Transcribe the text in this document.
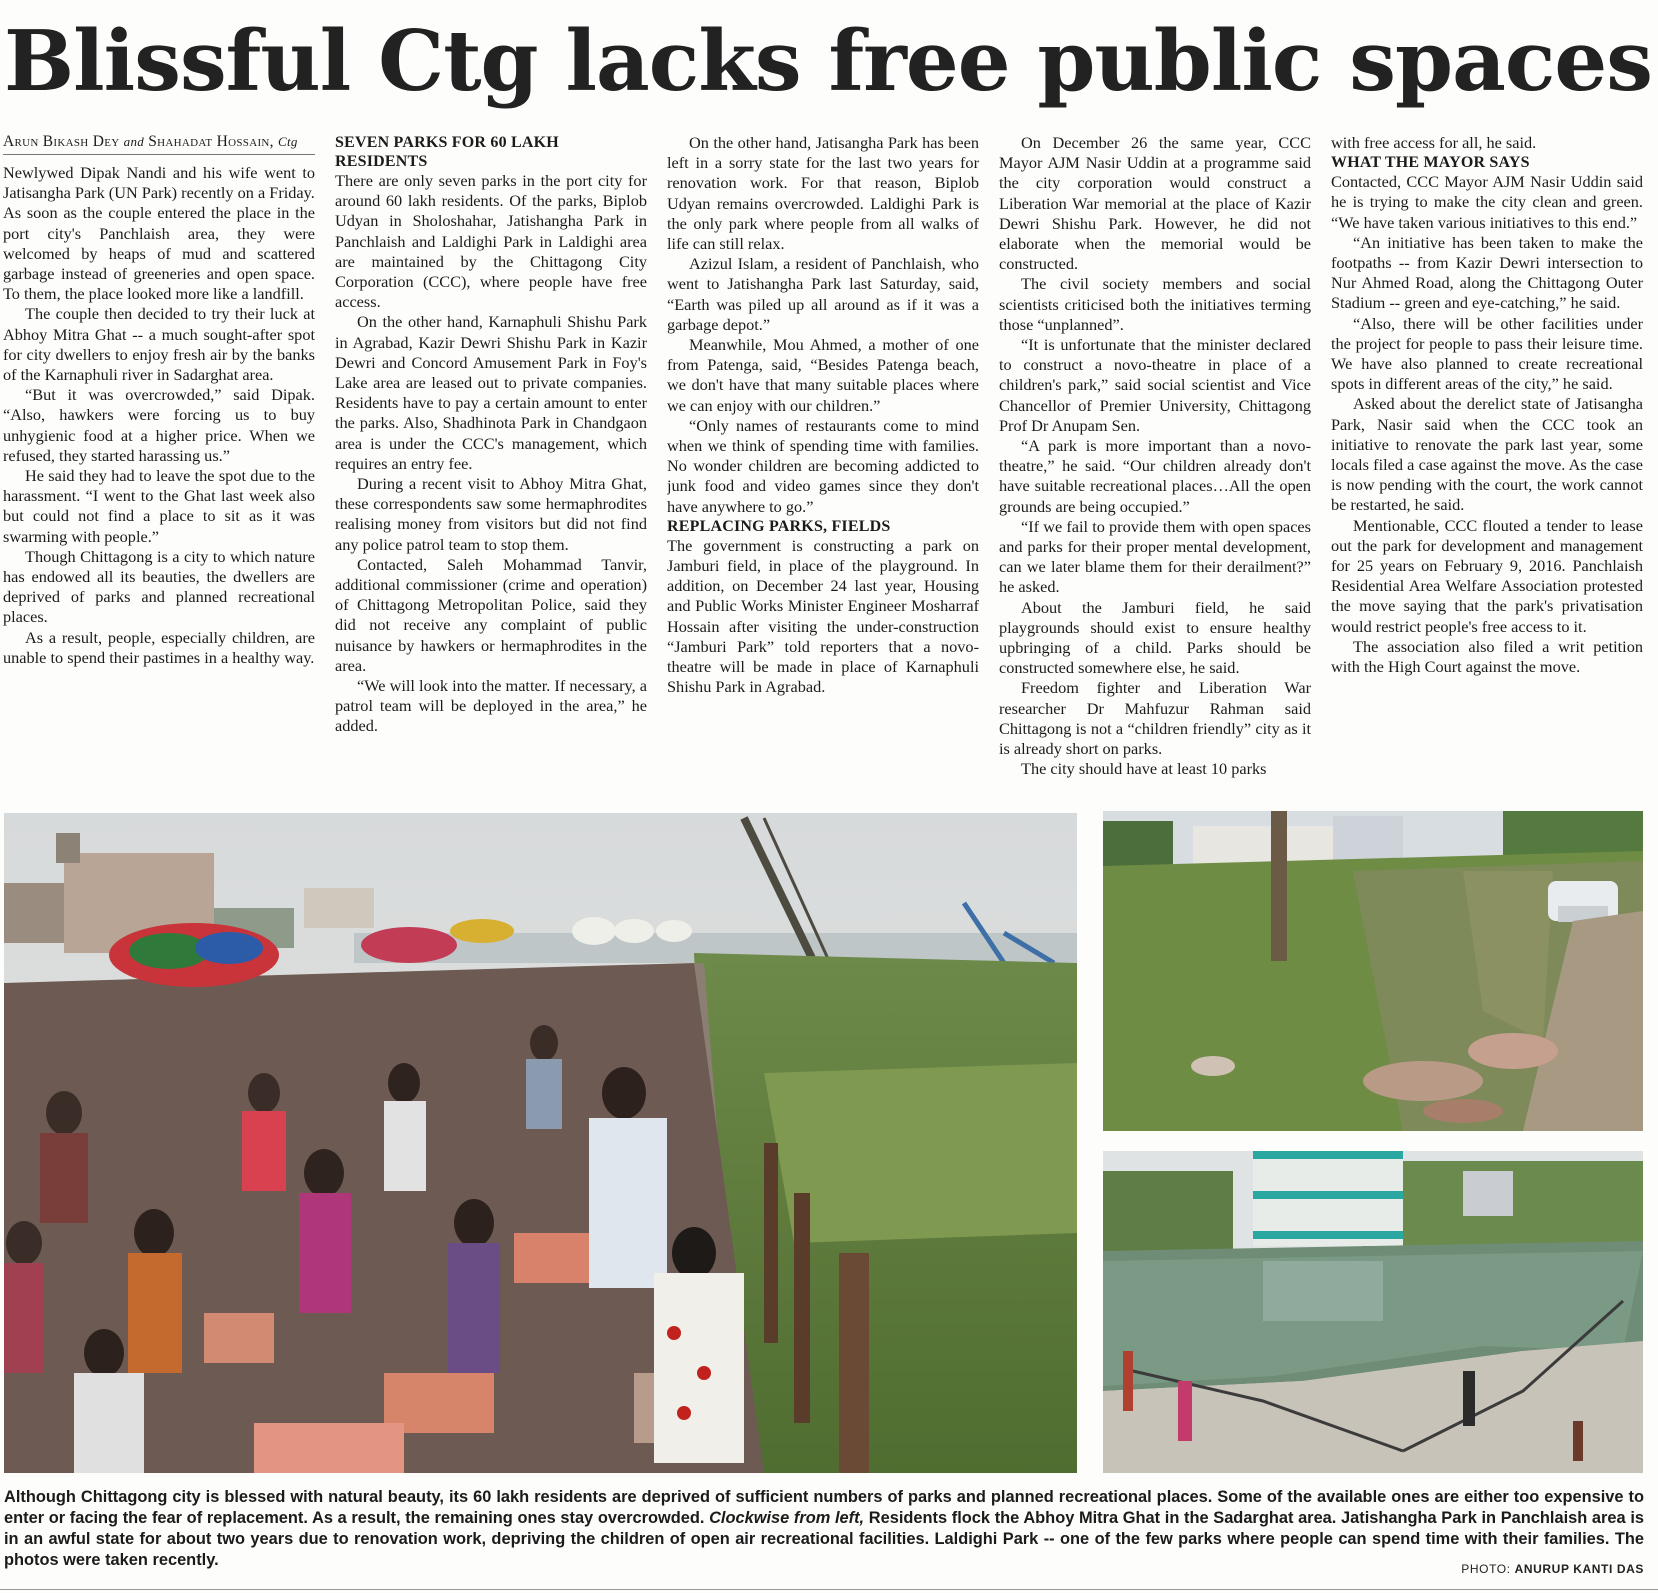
Blissful Ctg lacks free public spaces
Arun Bikash Dey and Shahadat Hossain, Ctg

Newlywed Dipak Nandi and his wife went to Jatisangha Park (UN Park) recently on a Friday.

As soon as the couple entered the place in the port city's Panchlaish area, they were welcomed by heaps of mud and scattered garbage instead of greeneries and open space. To them, the place looked more like a landfill.

The couple then decided to try their luck at Abhoy Mitra Ghat -- a much sought-after spot for city dwellers to enjoy fresh air by the banks of the Karnaphuli river in Sadarghat area.

“But it was overcrowded,” said Dipak. “Also, hawkers were forcing us to buy unhygienic food at a higher price. When we refused, they started harassing us.”

He said they had to leave the spot due to the harassment. “I went to the Ghat last week also but could not find a place to sit as it was swarming with people.”

Though Chittagong is a city to which nature has endowed all its beauties, the dwellers are deprived of parks and planned recreational places.

As a result, people, especially children, are unable to spend their pastimes in a healthy way.

SEVEN PARKS FOR 60 LAKH RESIDENTS

There are only seven parks in the port city for around 60 lakh residents. Of the parks, Biplob Udyan in Sholoshahar, Jatishangha Park in Panchlaish and Laldighi Park in Laldighi area are maintained by the Chittagong City Corporation (CCC), where people have free access.

On the other hand, Karnaphuli Shishu Park in Agrabad, Kazir Dewri Shishu Park in Kazir Dewri and Concord Amusement Park in Foy's Lake area are leased out to private companies. Residents have to pay a certain amount to enter the parks. Also, Shadhinota Park in Chandgaon area is under the CCC's management, which requires an entry fee.

During a recent visit to Abhoy Mitra Ghat, these correspondents saw some hermaphrodites realising money from visitors but did not find any police patrol team to stop them.

Contacted, Saleh Mohammad Tanvir, additional commissioner (crime and operation) of Chittagong Metropolitan Police, said they did not receive any complaint of public nuisance by hawkers or hermaphrodites in the area.

“We will look into the matter. If necessary, a patrol team will be deployed in the area,” he added.

On the other hand, Jatisangha Park has been left in a sorry state for the last two years for renovation work. For that reason, Biplob Udyan remains overcrowded. Laldighi Park is the only park where people from all walks of life can still relax.

Azizul Islam, a resident of Panchlaish, who went to Jatishangha Park last Saturday, said, “Earth was piled up all around as if it was a garbage depot.”

Meanwhile, Mou Ahmed, a mother of one from Patenga, said, “Besides Patenga beach, we don't have that many suitable places where we can enjoy with our children.”

“Only names of restaurants come to mind when we think of spending time with families. No wonder children are becoming addicted to junk food and video games since they don't have anywhere to go.”

REPLACING PARKS, FIELDS

The government is constructing a park on Jamburi field, in place of the playground. In addition, on December 24 last year, Housing and Public Works Minister Engineer Mosharraf Hossain after visiting the under-construction “Jamburi Park” told reporters that a novo-theatre will be made in place of Karnaphuli Shishu Park in Agrabad.

On December 26 the same year, CCC Mayor AJM Nasir Uddin at a programme said the city corporation would construct a Liberation War memorial at the place of Kazir Dewri Shishu Park. However, he did not elaborate when the memorial would be constructed.

The civil society members and social scientists criticised both the initiatives terming those “unplanned”.

“It is unfortunate that the minister declared to construct a novo-theatre in place of a children's park,” said social scientist and Vice Chancellor of Premier University, Chittagong Prof Dr Anupam Sen.

“A park is more important than a novo-theatre,” he said. “Our children already don't have suitable recreational places…All the open grounds are being occupied.”

“If we fail to provide them with open spaces and parks for their proper mental development, can we later blame them for their derailment?” he asked.

About the Jamburi field, he said playgrounds should exist to ensure healthy upbringing of a child. Parks should be constructed somewhere else, he said.

Freedom fighter and Liberation War researcher Dr Mahfuzur Rahman said Chittagong is not a “children friendly” city as it is already short on parks.

The city should have at least 10 parks

with free access for all, he said.

WHAT THE MAYOR SAYS

Contacted, CCC Mayor AJM Nasir Uddin said he is trying to make the city clean and green. “We have taken various initiatives to this end.”

“An initiative has been taken to make the footpaths -- from Kazir Dewri intersection to Nur Ahmed Road, along the Chittagong Outer Stadium -- green and eye-catching,” he said.

“Also, there will be other facilities under the project for people to pass their leisure time. We have also planned to create recreational spots in different areas of the city,” he said.

Asked about the derelict state of Jatisangha Park, Nasir said when the CCC took an initiative to renovate the park last year, some locals filed a case against the move. As the case is now pending with the court, the work cannot be restarted, he said.

Mentionable, CCC flouted a tender to lease out the park for development and management for 25 years on February 9, 2016. Panchlaish Residential Area Welfare Association protested the move saying that the park's privatisation would restrict people's free access to it.

The association also filed a writ petition with the High Court against the move.

Although Chittagong city is blessed with natural beauty, its 60 lakh residents are deprived of sufficient numbers of parks and planned recreational places. Some of the available ones are either too expensive to enter or facing the fear of replacement. As a result, the remaining ones stay overcrowded. Clockwise from left, Residents flock the Abhoy Mitra Ghat in the Sadarghat area. Jatishangha Park in Panchlaish area is in an awful state for about two years due to renovation work, depriving the children of open air recreational facilities. Laldighi Park -- one of the few parks where people can spend time with their families. The photos were taken recently.	PHOTO: ANURUP KANTI DAS
